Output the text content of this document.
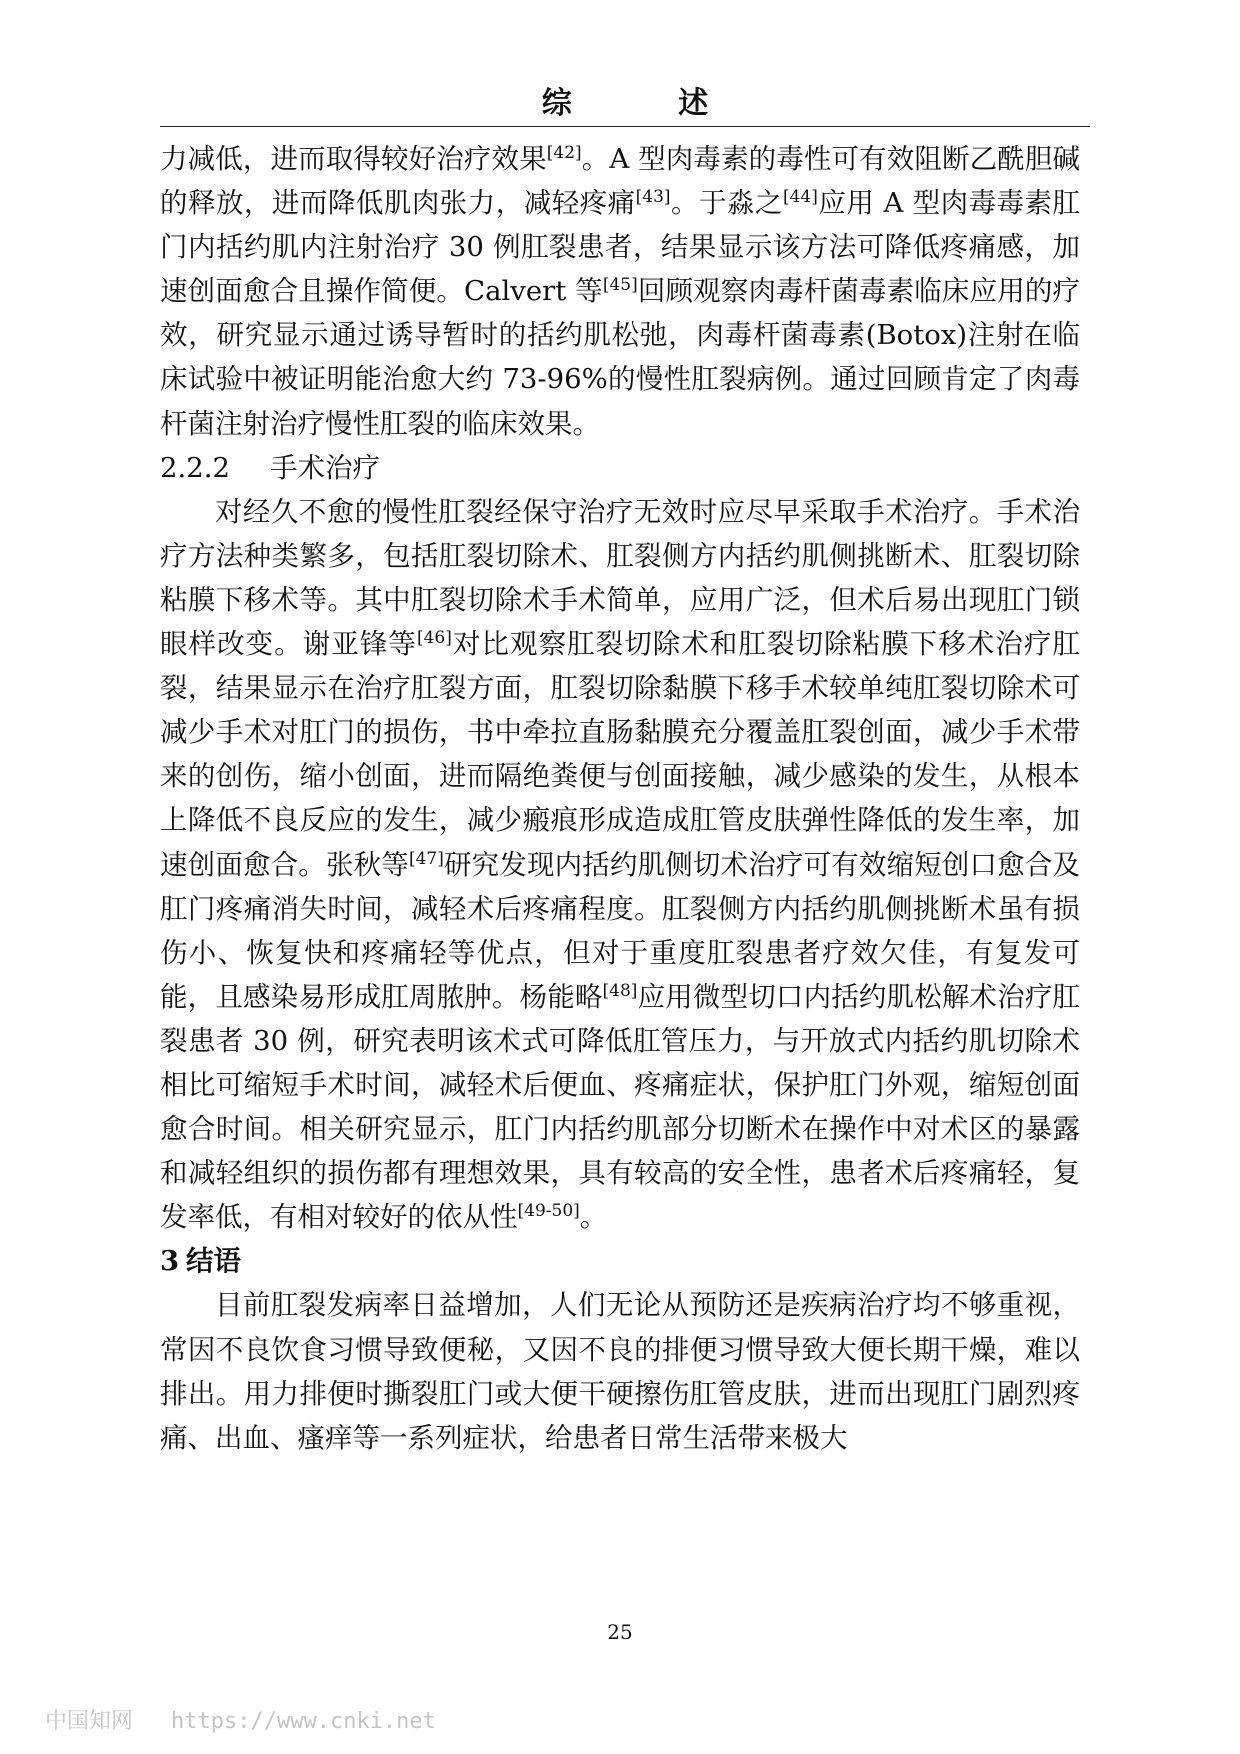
综 述

力减低，进而取得较好治疗效果[42]。A 型肉毒素的毒性可有效阻断乙酰胆碱的释放，进而降低肌肉张力，减轻疼痛[43]。于淼之[44]应用 A 型肉毒毒素肛门内括约肌内注射治疗 30 例肛裂患者，结果显示该方法可降低疼痛感，加速创面愈合且操作简便。Calvert 等[45]回顾观察肉毒杆菌毒素临床应用的疗效，研究显示通过诱导暂时的括约肌松弛，肉毒杆菌毒素(Botox)注射在临床试验中被证明能治愈大约 73-96%的慢性肛裂病例。通过回顾肯定了肉毒杆菌注射治疗慢性肛裂的临床效果。

2.2.2 手术治疗

对经久不愈的慢性肛裂经保守治疗无效时应尽早采取手术治疗。手术治疗方法种类繁多，包括肛裂切除术、肛裂侧方内括约肌侧挑断术、肛裂切除粘膜下移术等。其中肛裂切除术手术简单，应用广泛，但术后易出现肛门锁眼样改变。谢亚锋等[46]对比观察肛裂切除术和肛裂切除粘膜下移术治疗肛裂，结果显示在治疗肛裂方面，肛裂切除黏膜下移手术较单纯肛裂切除术可减少手术对肛门的损伤，书中牵拉直肠黏膜充分覆盖肛裂创面，减少手术带来的创伤，缩小创面，进而隔绝粪便与创面接触，减少感染的发生，从根本上降低不良反应的发生，减少瘢痕形成造成肛管皮肤弹性降低的发生率，加速创面愈合。张秋等[47]研究发现内括约肌侧切术治疗可有效缩短创口愈合及肛门疼痛消失时间，减轻术后疼痛程度。肛裂侧方内括约肌侧挑断术虽有损伤小、恢复快和疼痛轻等优点，但对于重度肛裂患者疗效欠佳，有复发可能，且感染易形成肛周脓肿。杨能略[48]应用微型切口内括约肌松解术治疗肛裂患者 30 例，研究表明该术式可降低肛管压力，与开放式内括约肌切除术相比可缩短手术时间，减轻术后便血、疼痛症状，保护肛门外观，缩短创面愈合时间。相关研究显示，肛门内括约肌部分切断术在操作中对术区的暴露和减轻组织的损伤都有理想效果，具有较高的安全性，患者术后疼痛轻，复发率低，有相对较好的依从性[49-50]。

3 结语

目前肛裂发病率日益增加，人们无论从预防还是疾病治疗均不够重视，常因不良饮食习惯导致便秘，又因不良的排便习惯导致大便长期干燥，难以排出。用力排便时撕裂肛门或大便干硬擦伤肛管皮肤，进而出现肛门剧烈疼痛、出血、瘙痒等一系列症状，给患者日常生活带来极大

25
中国知网 https://www.cnki.net
